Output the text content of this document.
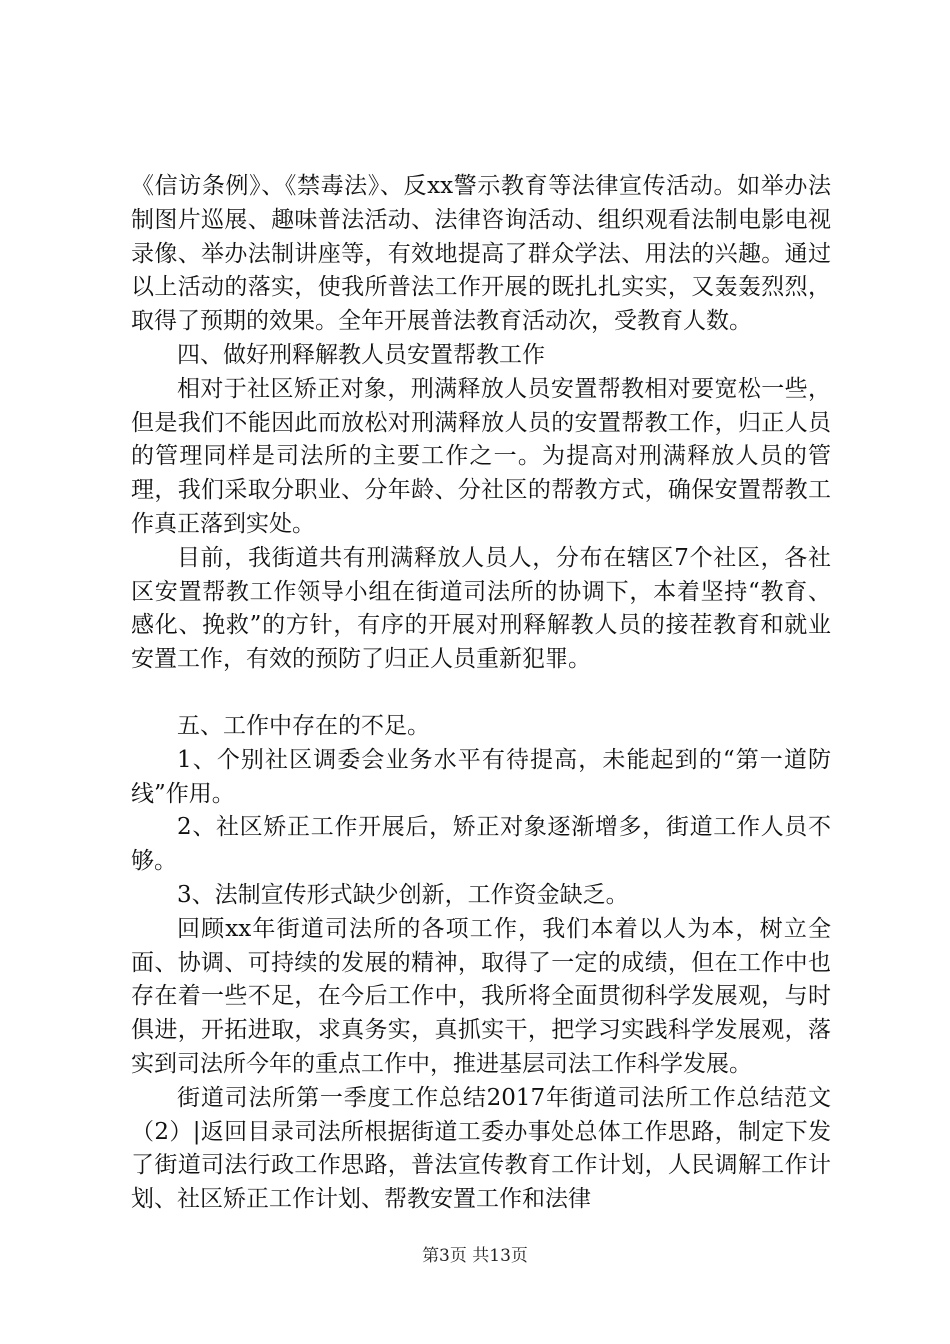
《信访条例》、《禁毒法》、反xx警示教育等法律宣传活动。如举办法制图片巡展、趣味普法活动、法律咨询活动、组织观看法制电影电视录像、举办法制讲座等，有效地提高了群众学法、用法的兴趣。通过以上活动的落实，使我所普法工作开展的既扎扎实实，又轰轰烈烈，取得了预期的效果。全年开展普法教育活动次，受教育人数。

四、做好刑释解教人员安置帮教工作

相对于社区矫正对象，刑满释放人员安置帮教相对要宽松一些，但是我们不能因此而放松对刑满释放人员的安置帮教工作，归正人员的管理同样是司法所的主要工作之一。为提高对刑满释放人员的管理，我们采取分职业、分年龄、分社区的帮教方式，确保安置帮教工作真正落到实处。

目前，我街道共有刑满释放人员人，分布在辖区7个社区，各社区安置帮教工作领导小组在街道司法所的协调下，本着坚持“教育、感化、挽救”的方针，有序的开展对刑释解教人员的接茬教育和就业安置工作，有效的预防了归正人员重新犯罪。

五、工作中存在的不足。

1、个别社区调委会业务水平有待提高，未能起到的“第一道防线”作用。

2、社区矫正工作开展后，矫正对象逐渐增多，街道工作人员不够。

3、法制宣传形式缺少创新，工作资金缺乏。

回顾xx年街道司法所的各项工作，我们本着以人为本，树立全面、协调、可持续的发展的精神，取得了一定的成绩，但在工作中也存在着一些不足，在今后工作中，我所将全面贯彻科学发展观，与时俱进，开拓进取，求真务实，真抓实干，把学习实践科学发展观，落实到司法所今年的重点工作中，推进基层司法工作科学发展。

街道司法所第一季度工作总结2017年街道司法所工作总结范文（2）|返回目录司法所根据街道工委办事处总体工作思路，制定下发了街道司法行政工作思路，普法宣传教育工作计划，人民调解工作计划、社区矫正工作计划、帮教安置工作和法律

第3页 共13页
